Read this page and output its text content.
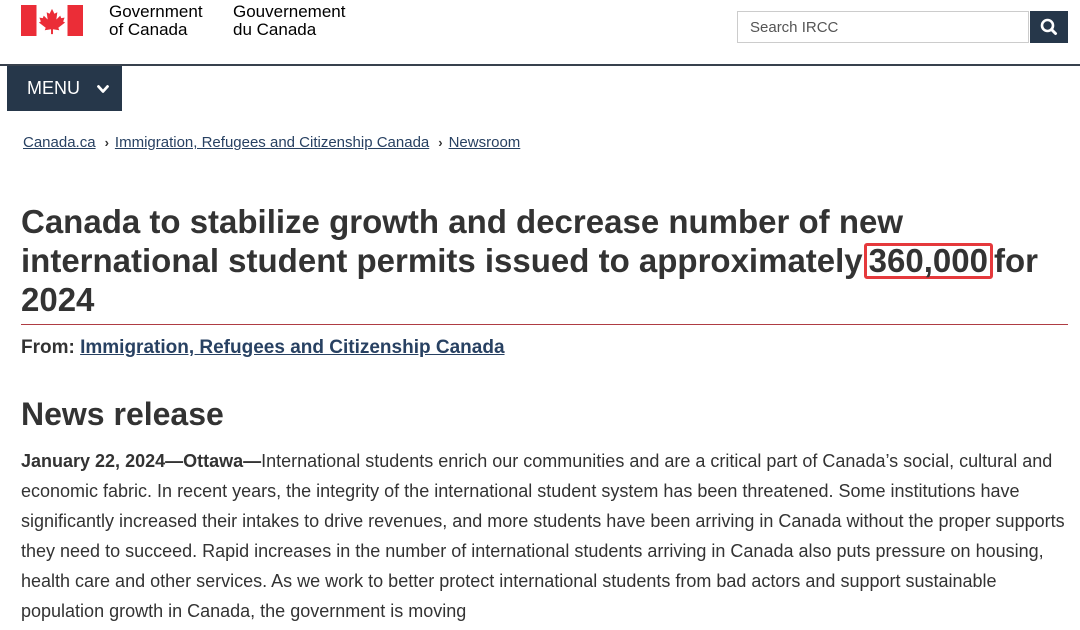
Government
of Canada
Gouvernement
du Canada
Search IRCC
MENU
Canada.ca › Immigration, Refugees and Citizenship Canada › Newsroom
Canada to stabilize growth and decrease number of new international student permits issued to approximately 360,000 for 2024
From: Immigration, Refugees and Citizenship Canada
News release

January 22, 2024—Ottawa—International students enrich our communities and are a critical part of Canada’s social, cultural and economic fabric. In recent years, the integrity of the international student system has been threatened. Some institutions have significantly increased their intakes to drive revenues, and more students have been arriving in Canada without the proper supports they need to succeed. Rapid increases in the number of international students arriving in Canada also puts pressure on housing, health care and other services. As we work to better protect international students from bad actors and support sustainable population growth in Canada, the government is moving
